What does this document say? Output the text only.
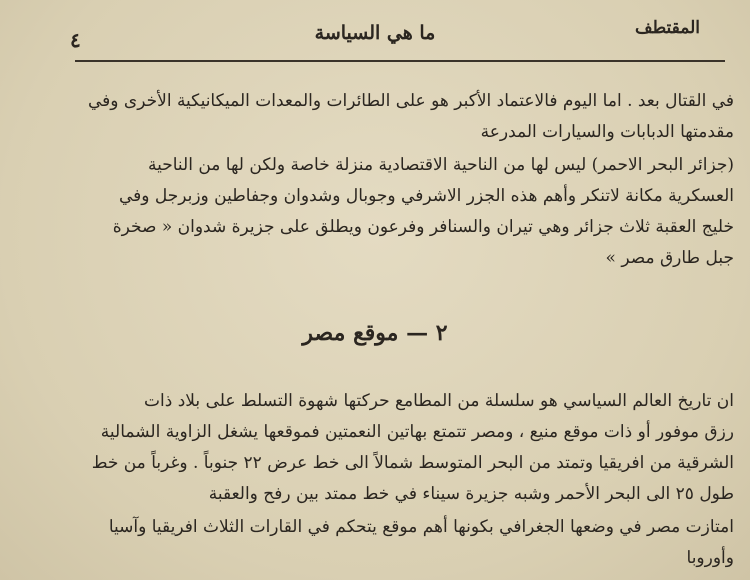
٤	ما هي السياسة	المقتطف
في القتال بعد . اما اليوم فالاعتماد الأكبر هو على الطائرات والمعدات الميكانيكية الأخرى وفي
مقدمتها الدبابات والسيارات المدرعة
(جزائر البحر الاحمر) ليس لها من الناحية الاقتصادية منزلة خاصة ولكن لها من الناحية
العسكرية مكانة لاتنكر وأهم هذه الجزر الاشرفي وجوبال وشدوان وجفاطين وزبرجل وفي
خليج العقبة ثلاث جزائر وهي تيران والسنافر وفرعون ويطلق على جزيرة شدوان « صخرة
جبل طارق مصر »
٢ — موقع مصر
ان تاريخ العالم السياسي هو سلسلة من المطامع حركتها شهوة التسلط على بلاد ذات
رزق موفور أو ذات موقع منيع ، ومصر تتمتع بهاتين النعمتين فموقعها يشغل الزاوية الشمالية
الشرقية من افريقيا وتمتد من البحر المتوسط شمالاً الى خط عرض ٢٢ جنوباً . وغرباً من خط
طول ٢٥ الى البحر الأحمر وشبه جزيرة سيناء في خط ممتد بين رفح والعقبة
امتازت مصر في وضعها الجغرافي بكونها أهم موقع يتحكم في القارات الثلاث افريقيا وآسيا
وأوروبا
